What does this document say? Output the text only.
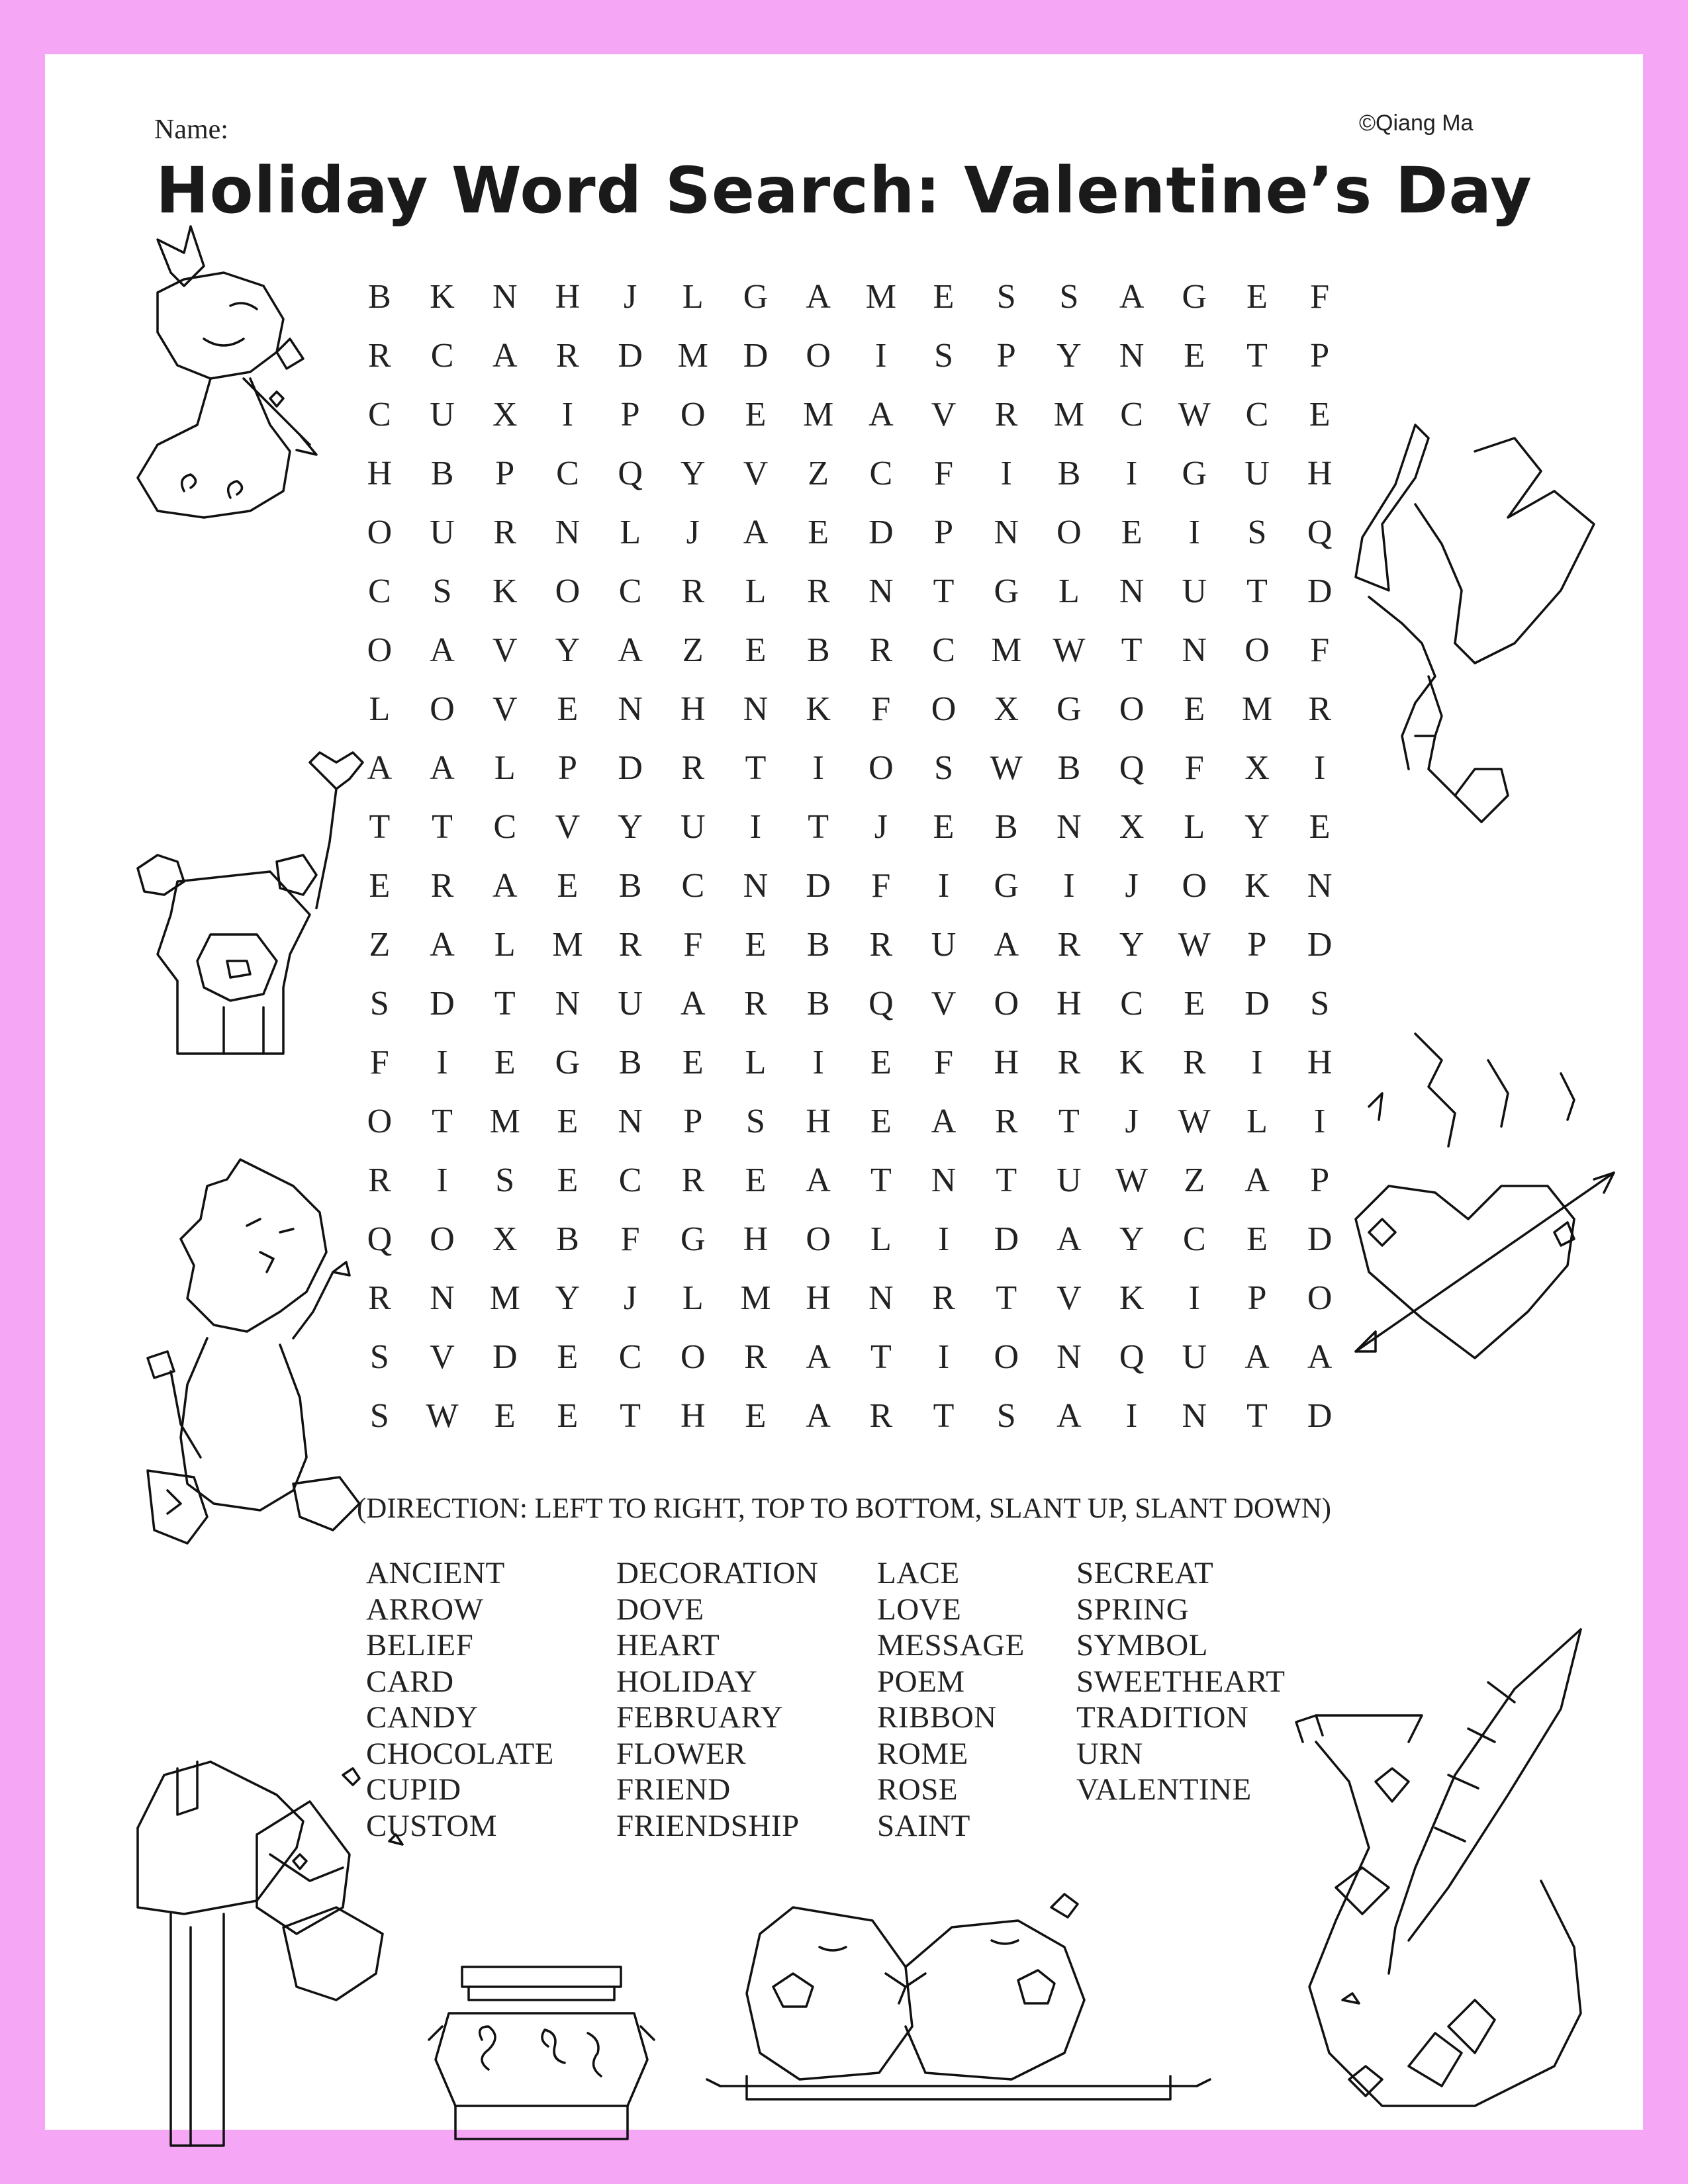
Name:	©Qiang Ma
Holiday Word Search: Valentine’s Day
B	K	N	H	J	L	G	A	M	E	S	S	A	G	E	F
R	C	A	R	D	M	D	O	I	S	P	Y	N	E	T	P
C	U	X	I	P	O	E	M	A	V	R	M	C	W	C	E
H	B	P	C	Q	Y	V	Z	C	F	I	B	I	G	U	H
O	U	R	N	L	J	A	E	D	P	N	O	E	I	S	Q
C	S	K	O	C	R	L	R	N	T	G	L	N	U	T	D
O	A	V	Y	A	Z	E	B	R	C	M W	T	N	O	F
L	O	V	E	N	H	N	K	F	O	X	G	O	E	M	R
A	A	L	P	D	R	T	I	O	S	W	B	Q	F	X	I
T	T	C	V	Y	U	I	T	J	E	B	N	X	L	Y	E
E	R	A	E	B	C	N	D	F	I	G	I	J	O	K	N
Z	A	L	M	R	F	E	B	R	U	A	R	Y W	P	D
S	D	T	N	U	A	R	B	Q	V	O	H	C	E	D	S
F	I	E	G	B	E	L	I	E	F	H	R	K	R	I	H
O	T	M	E	N	P	S	H	E	A	R	T	J	W	L	I
R	I	S	E	C	R	E	A	T	N	T	U W	Z	A	P
Q	O	X	B	F	G	H	O	L	I	D	A	Y	C	E	D
R	N	M	Y	J	L	M	H	N	R	T	V	K	I	P	O
S	V	D	E	C	O	R	A	T	I	O	N	Q	U	A	A
S	W	E	E	T	H	E	A	R	T	S	A	I	N	T	D
(DIRECTION: LEFT TO RIGHT, TOP TO BOTTOM, SLANT UP, SLANT DOWN)
ANCIENT
ARROW
BELIEF
CARD
CANDY
CHOCOLATE
CUPID
CUSTOM
DECORATION
DOVE
HEART
HOLIDAY
FEBRUARY
FLOWER
FRIEND
FRIENDSHIP
LACE
LOVE
MESSAGE
POEM
RIBBON
ROME
ROSE
SAINT
SECREAT
SPRING
SYMBOL
SWEETHEART
TRADITION
URN
VALENTINE
